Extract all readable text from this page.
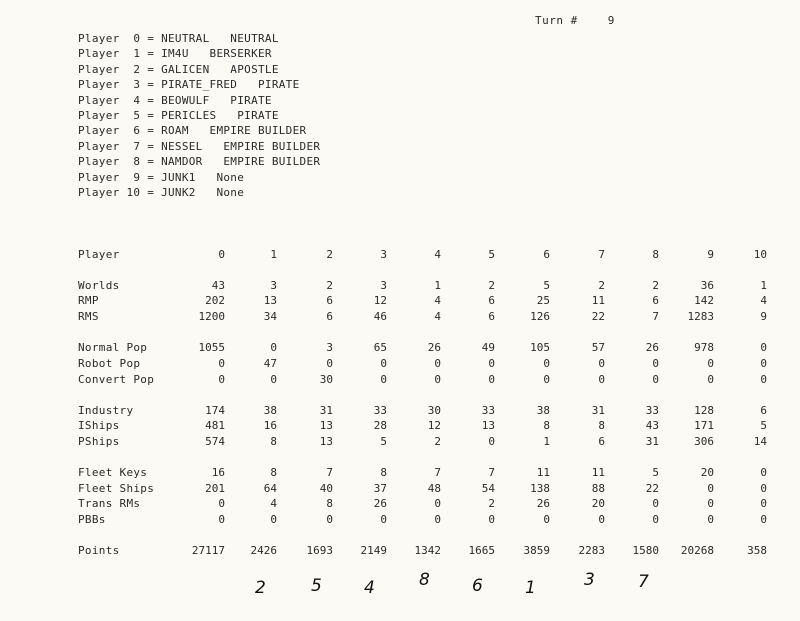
Turn #	9
Player  0 = NEUTRAL   NEUTRAL
Player  1 = IM4U   BERSERKER
Player  2 = GALICEN   APOSTLE
Player  3 = PIRATE_FRED   PIRATE
Player  4 = BEOWULF   PIRATE
Player  5 = PERICLES   PIRATE
Player  6 = ROAM   EMPIRE BUILDER
Player  7 = NESSEL   EMPIRE BUILDER
Player  8 = NAMDOR   EMPIRE BUILDER
Player  9 = JUNK1   None
Player 10 = JUNK2   None
Player	0	1	2	3	4	5	6	7	8	9	10
Worlds	43	3	2	3	1	2	5	2	2	36	1
RMP	202	13	6	12	4	6	25	11	6	142	4
RMS	1200	34	6	46	4	6	126	22	7	1283	9
Normal Pop	1055	0	3	65	26	49	105	57	26	978	0
Robot Pop	0	47	0	0	0	0	0	0	0	0	0
Convert Pop	0	0	30	0	0	0	0	0	0	0	0
Industry	174	38	31	33	30	33	38	31	33	128	6
IShips	481	16	13	28	12	13	8	8	43	171	5
PShips	574	8	13	5	2	0	1	6	31	306	14
Fleet Keys	16	8	7	8	7	7	11	11	5	20	0
Fleet Ships	201	64	40	37	48	54	138	88	22	0	0
Trans RMs	0	4	8	26	0	2	26	20	0	0	0
PBBs	0	0	0	0	0	0	0	0	0	0	0
Points	27117	2426	1693	2149	1342	1665	3859	2283	1580	20268	358
2	5 4	8 6 1	3	7
